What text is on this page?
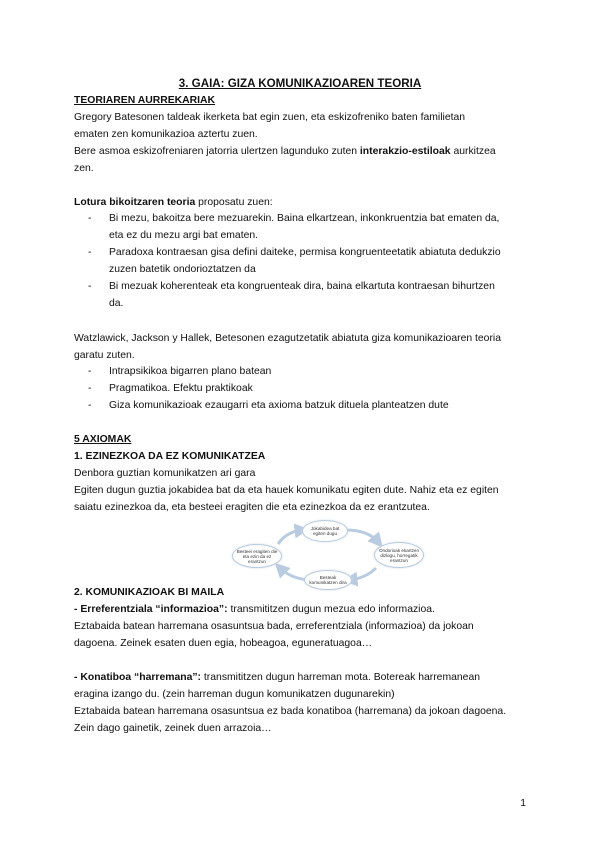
3. GAIA: GIZA KOMUNIKAZIOAREN TEORIA
TEORIAREN AURREKARIAK
Gregory Batesonen taldeak ikerketa bat egin zuen, eta eskizofreniko baten familietan
ematen zen komunikazioa aztertu zuen.
Bere asmoa eskizofreniaren jatorria ulertzen lagunduko zuten interakzio-estiloak aurkitzea
zen.
Lotura bikoitzaren teoria proposatu zuen:
- Bi mezu, bakoitza bere mezuarekin. Baina elkartzean, inkonkruentzia bat ematen da,
eta ez du mezu argi bat ematen.
- Paradoxa kontraesan gisa defini daiteke, permisa kongruenteetatik abiatuta dedukzio
zuzen batetik ondorioztatzen da
- Bi mezuak koherenteak eta kongruenteak dira, baina elkartuta kontraesan bihurtzen
da.
Watzlawick, Jackson y Hallek, Betesonen ezagutzetatik abiatuta giza komunikazioaren teoria
garatu zuten.
- Intrapsikikoa bigarren plano batean
- Pragmatikoa. Efektu praktikoak
- Giza komunikazioak ezaugarri eta axioma batzuk dituela planteatzen dute
5 AXIOMAK
1. EZINEZKOA DA EZ KOMUNIKATZEA
Denbora guztian komunikatzen ari gara
Egiten dugun guztia jokabidea bat da eta hauek komunikatu egiten dute. Nahiz eta ez egiten
saiatu ezinezkoa da, eta besteei eragiten die eta ezinezkoa da ez erantzutea.
Jokabidea bat egiten dugu
Ondorioak ekartzen dizkigu, horregatik erantzun
Besteak komunikatzen dira
Besteei eragiten die eta ezin da ez erantzun
2. KOMUNIKAZIOAK BI MAILA
- Erreferentziala “informazioa”: transmititzen dugun mezua edo informazioa.
Eztabaida batean harremana osasuntsua bada, erreferentziala (informazioa) da jokoan
dagoena. Zeinek esaten duen egia, hobeagoa, eguneratuagoa…
- Konatiboa “harremana”: transmititzen dugun harreman mota. Botereak harremanean
eragina izango du. (zein harreman dugun komunikatzen dugunarekin)
Eztabaida batean harremana osasuntsua ez bada konatiboa (harremana) da jokoan dagoena.
Zein dago gainetik, zeinek duen arrazoia…
1
